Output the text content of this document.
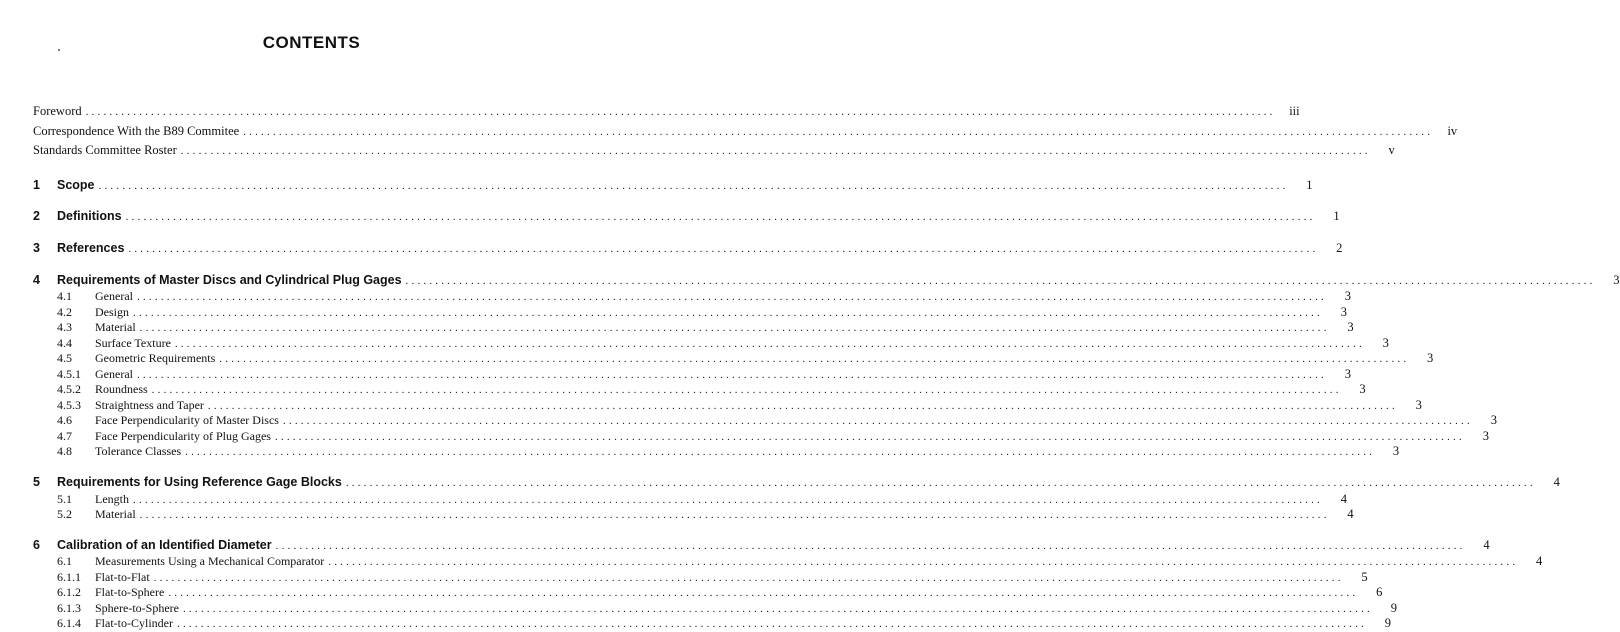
CONTENTS
Foreword ........................................................................................................................................................................................................	iii
Correspondence With the B89 Commitee ........................................................................................................................................................................................................	iv
Standards Committee Roster ........................................................................................................................................................................................................	v
1	Scope ........................................................................................................................................................................................................	1
2	Definitions ........................................................................................................................................................................................................	1
3	References ........................................................................................................................................................................................................	2
4	Requirements of Master Discs and Cylindrical Plug Gages ........................................................................................................................................................................................................	3
4.1	General ........................................................................................................................................................................................................	3
4.2	Design ........................................................................................................................................................................................................	3
4.3	Material ........................................................................................................................................................................................................	3
4.4	Surface Texture ........................................................................................................................................................................................................	3
4.5	Geometric Requirements ........................................................................................................................................................................................................	3
4.5.1	General ........................................................................................................................................................................................................	3
4.5.2	Roundness ........................................................................................................................................................................................................	3
4.5.3	Straightness and Taper ........................................................................................................................................................................................................	3
4.6	Face Perpendicularity of Master Discs ........................................................................................................................................................................................................	3
4.7	Face Perpendicularity of Plug Gages ........................................................................................................................................................................................................	3
4.8	Tolerance Classes ........................................................................................................................................................................................................	3
5	Requirements for Using Reference Gage Blocks ........................................................................................................................................................................................................	4
5.1	Length ........................................................................................................................................................................................................	4
5.2	Material ........................................................................................................................................................................................................	4
6	Calibration of an Identified Diameter ........................................................................................................................................................................................................	4
6.1	Measurements Using a Mechanical Comparator ........................................................................................................................................................................................................	4
6.1.1	Flat-to-Flat ........................................................................................................................................................................................................	5
6.1.2	Flat-to-Sphere ........................................................................................................................................................................................................	6
6.1.3	Sphere-to-Sphere ........................................................................................................................................................................................................	9
6.1.4	Flat-to-Cylinder ........................................................................................................................................................................................................	9
